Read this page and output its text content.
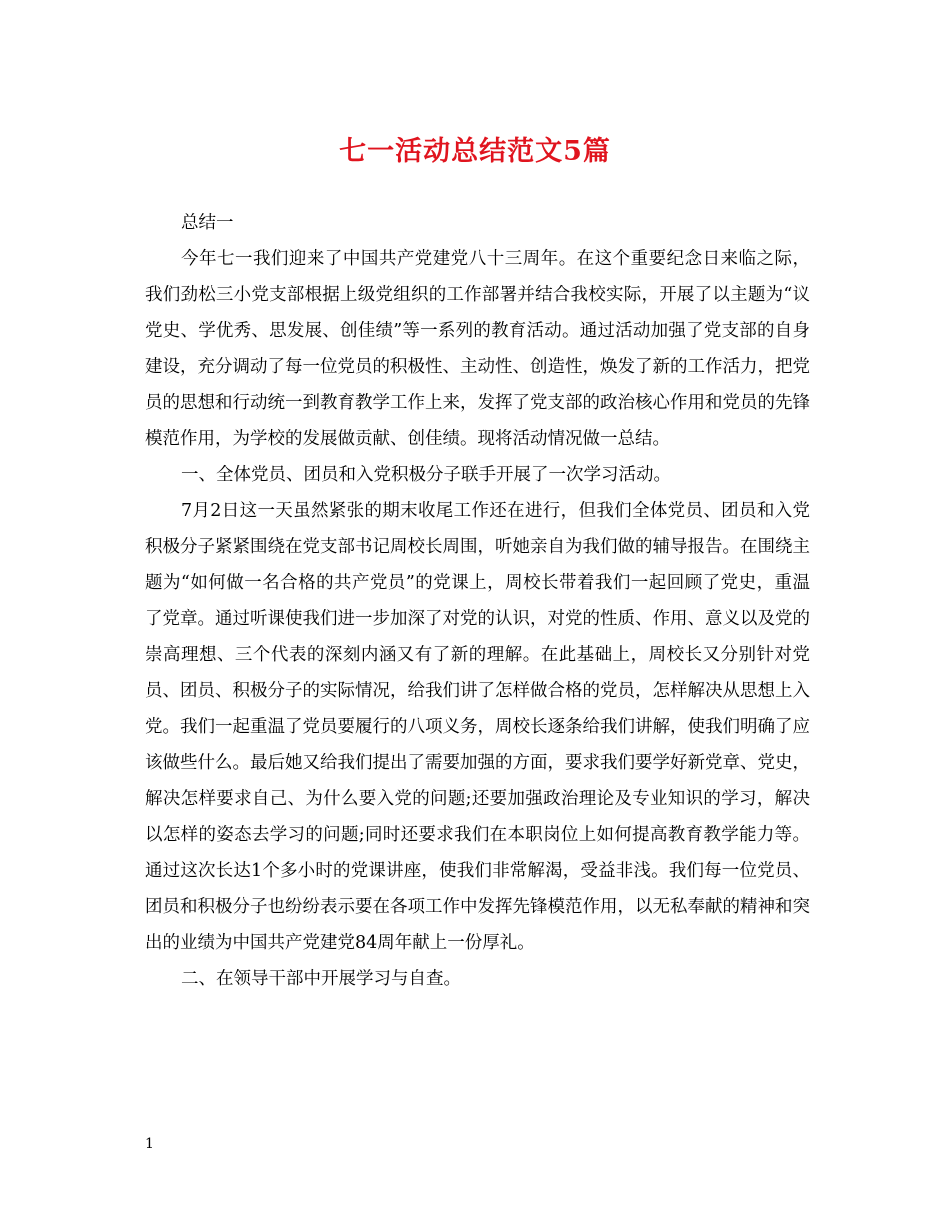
七一活动总结范文5篇

总结一

今年七一我们迎来了中国共产党建党八十三周年。在这个重要纪念日来临之际，我们劲松三小党支部根据上级党组织的工作部署并结合我校实际，开展了以主题为“议党史、学优秀、思发展、创佳绩”等一系列的教育活动。通过活动加强了党支部的自身建设，充分调动了每一位党员的积极性、主动性、创造性，焕发了新的工作活力，把党员的思想和行动统一到教育教学工作上来，发挥了党支部的政治核心作用和党员的先锋模范作用，为学校的发展做贡献、创佳绩。现将活动情况做一总结。

一、全体党员、团员和入党积极分子联手开展了一次学习活动。

7月2日这一天虽然紧张的期末收尾工作还在进行，但我们全体党员、团员和入党积极分子紧紧围绕在党支部书记周校长周围，听她亲自为我们做的辅导报告。在围绕主题为“如何做一名合格的共产党员”的党课上，周校长带着我们一起回顾了党史，重温了党章。通过听课使我们进一步加深了对党的认识，对党的性质、作用、意义以及党的崇高理想、三个代表的深刻内涵又有了新的理解。在此基础上，周校长又分别针对党员、团员、积极分子的实际情况，给我们讲了怎样做合格的党员，怎样解决从思想上入党。我们一起重温了党员要履行的八项义务，周校长逐条给我们讲解，使我们明确了应该做些什么。最后她又给我们提出了需要加强的方面，要求我们要学好新党章、党史，解决怎样要求自己、为什么要入党的问题;还要加强政治理论及专业知识的学习，解决以怎样的姿态去学习的问题;同时还要求我们在本职岗位上如何提高教育教学能力等。通过这次长达1个多小时的党课讲座，使我们非常解渴，受益非浅。我们每一位党员、团员和积极分子也纷纷表示要在各项工作中发挥先锋模范作用，以无私奉献的精神和突出的业绩为中国共产党建党84周年献上一份厚礼。

二、在领导干部中开展学习与自查。

1
